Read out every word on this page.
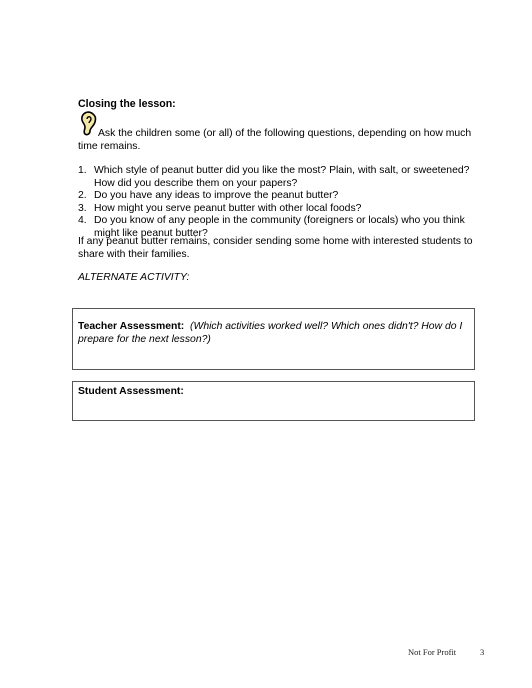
Closing the lesson:
Ask the children some (or all) of the following questions, depending on how much time remains.
1. Which style of peanut butter did you like the most? Plain, with salt, or sweetened? How did you describe them on your papers?
2. Do you have any ideas to improve the peanut butter?
3. How might you serve peanut butter with other local foods?
4. Do you know of any people in the community (foreigners or locals) who you think might like peanut butter?
If any peanut butter remains, consider sending some home with interested students to share with their families.
ALTERNATE ACTIVITY:
Teacher Assessment: (Which activities worked well? Which ones didn't? How do I prepare for the next lesson?)
Student Assessment:
Not For Profit	3
